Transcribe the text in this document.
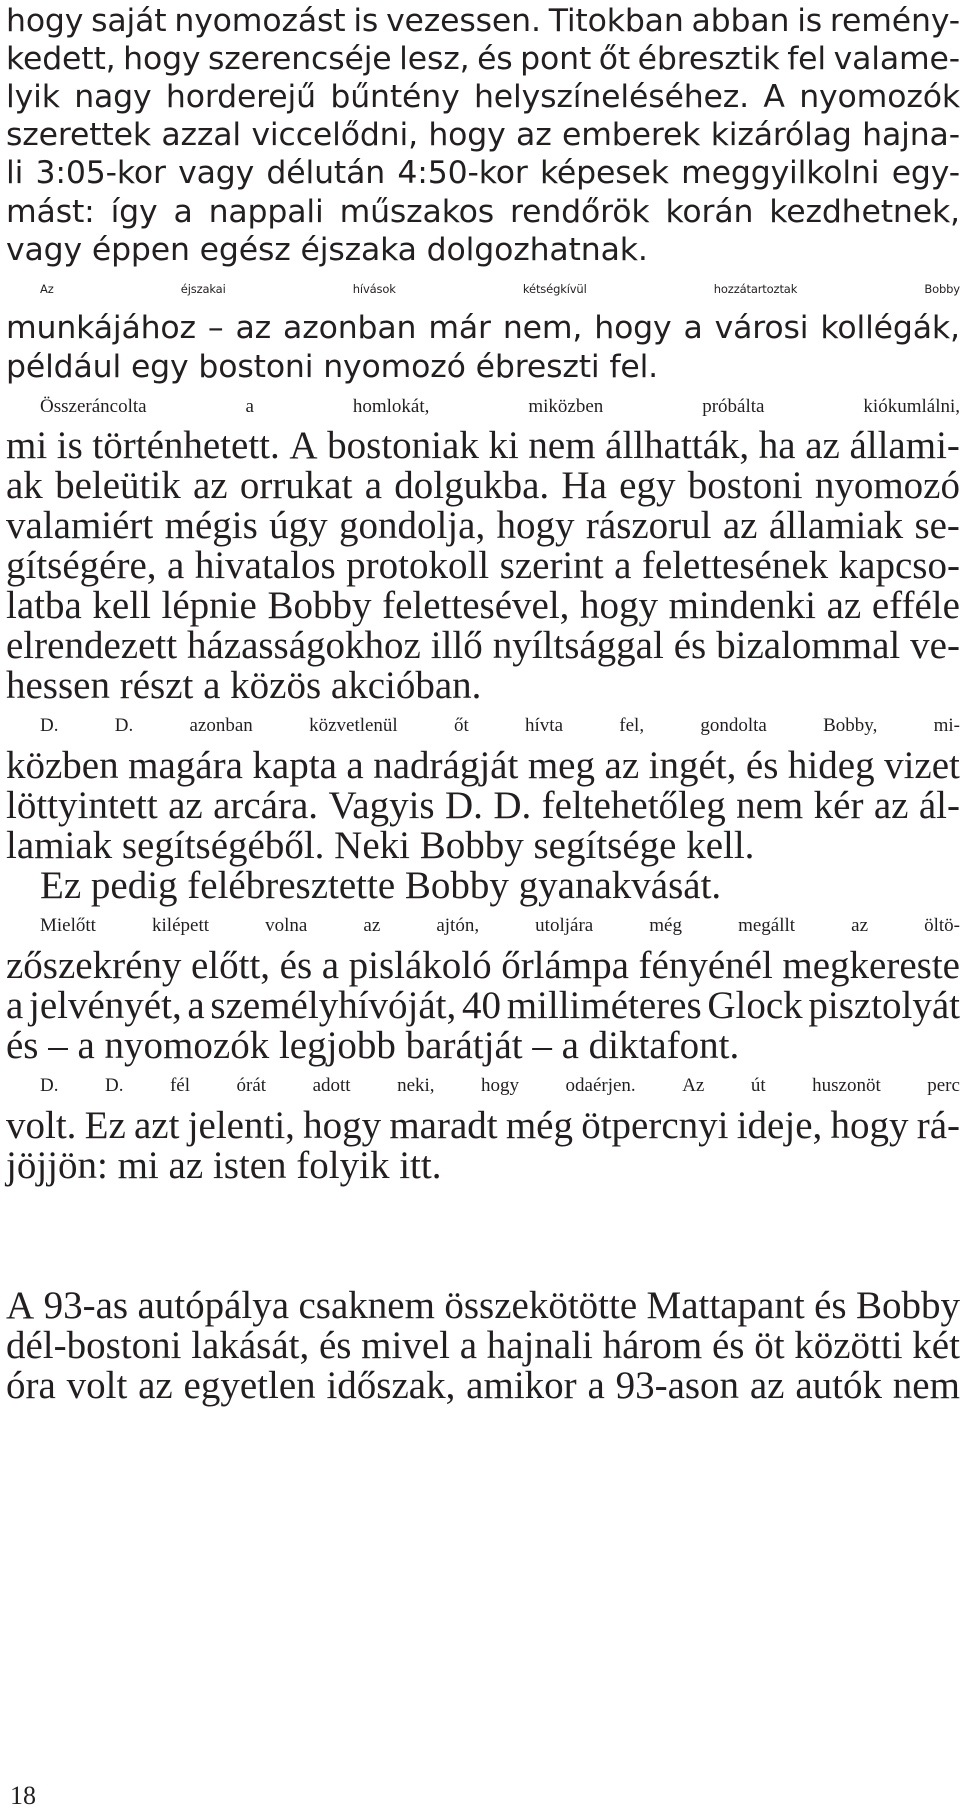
hogy saját nyomozást is vezessen. Titokban abban is remény-
kedett, hogy szerencséje lesz, és pont őt ébresztik fel valame-
lyik nagy horderejű bűntény helyszíneléséhez. A nyomozók
szerettek azzal viccelődni, hogy az emberek kizárólag hajna-
li 3:05-kor vagy délután 4:50-kor képesek meggyilkolni egy-
mást: így a nappali műszakos rendőrök korán kezdhetnek,
vagy éppen egész éjszaka dolgozhatnak.
Az	éjszakai	hívások	kétségkívül	hozzátartoztak	Bobby
munkájához – az azonban már nem, hogy a városi kollégák,
például egy bostoni nyomozó ébreszti fel.
Összeráncolta	a	homlokát,	miközben	próbálta	kiókumlálni,
mi is történhetett. A bostoniak ki nem állhatták, ha az állami-
ak beleütik az orrukat a dolgukba. Ha egy bostoni nyomozó
valamiért mégis úgy gondolja, hogy rászorul az államiak se-
gítségére, a hivatalos protokoll szerint a felettesének kapcso-
latba kell lépnie Bobby felettesével, hogy mindenki az efféle
elrendezett házasságokhoz illő nyíltsággal és bizalommal ve-
hessen részt a közös akcióban.
D.	D.	azonban	közvetlenül	őt	hívta	fel,	gondolta	Bobby,	mi-
közben magára kapta a nadrágját meg az ingét, és hideg vizet
löttyintett az arcára. Vagyis D. D. feltehetőleg nem kér az ál-
lamiak segítségéből. Neki Bobby segítsége kell.
Ez pedig felébresztette Bobby gyanakvását.
Mielőtt	kilépett	volna	az	ajtón,	utoljára	még	megállt	az	öltö-
zőszekrény előtt, és a pislákoló őrlámpa fényénél megkereste
a jelvényét, a személyhívóját, 40 milliméteres Glock pisztolyát
és – a nyomozók legjobb barátját – a diktafont.
D. D. fél órát adott neki, hogy odaérjen. Az út huszonöt perc
volt. Ez azt jelenti, hogy maradt még ötpercnyi ideje, hogy rá-
jöjjön: mi az isten folyik itt.
A 93-as autópálya csaknem összekötötte Mattapant és Bobby
dél-bostoni lakását, és mivel a hajnali három és öt közötti két
óra volt az egyetlen időszak, amikor a 93-ason az autók nem
18
